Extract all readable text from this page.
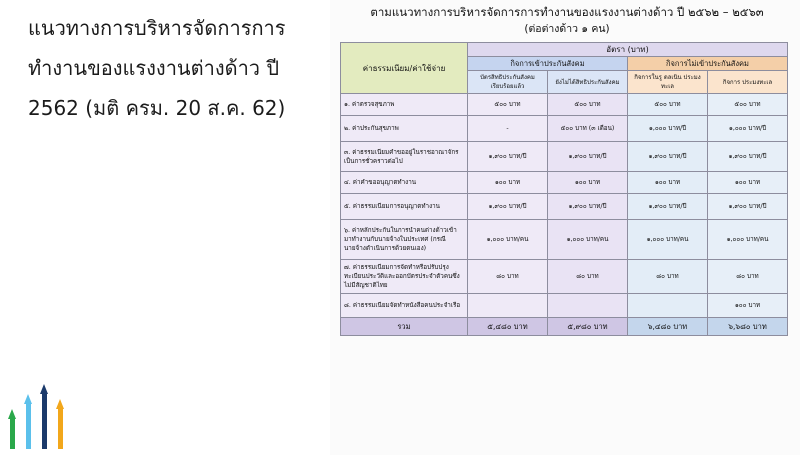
แนวทางการบริหารจัดการการทำงานของแรงงานต่างด้าว ปี 2562 (มติ ครม. 20 ส.ค. 62)
ตามแนวทางการบริหารจัดการการทำงานของแรงงานต่างด้าว ปี ๒๕๖๒ – ๒๕๖๓
(ต่อต่างด้าว ๑ คน)
ค่าธรรมเนียม/ค่าใช้จ่าย	อัตรา (บาท)			
	กิจการเข้าประกันสังคม		กิจการไม่เข้าประกันสังคม	
	บัตรสิทธิประกันสังคมเรียบร้อยแล้ว	ยังไม่ได้สิทธิประกันสังคม	กิจการในรู ดลเนิน ประมงทะเล	กิจการ ประมงทะเล
๑. ค่าตรวจสุขภาพ	๕๐๐ บาท	๕๐๐ บาท	๕๐๐ บาท	๕๐๐ บาท
๒. ค่าประกันสุขภาพ	-	๕๐๐ บาท (๓ เดือน)	๑,๐๐๐ บาท/ปี	๑,๐๐๐ บาท/ปี
๓. ค่าธรรมเนียมคำขออยู่ในราชอาณาจักรเป็นการชั่วคราวต่อไป	๑,๙๐๐ บาท/ปี	๑,๙๐๐ บาท/ปี	๑,๙๐๐ บาท/ปี	๑,๙๐๐ บาท/ปี
๔. ค่าคำขออนุญาตทำงาน	๑๐๐ บาท	๑๐๐ บาท	๑๐๐ บาท	๑๐๐ บาท
๕. ค่าธรรมเนียมการอนุญาตทำงาน	๑,๙๐๐ บาท/ปี	๑,๙๐๐ บาท/ปี	๑,๙๐๐ บาท/ปี	๑,๙๐๐ บาท/ปี
๖. ค่าหลักประกันในการนำคนต่างด้าวเข้ามาทำงานกับนายจ้างในประเทศ (กรณีนายจ้างดำเนินการด้วยตนเอง)	๑,๐๐๐ บาท/คน	๑,๐๐๐ บาท/คน	๑,๐๐๐ บาท/คน	๑,๐๐๐ บาท/คน
๗. ค่าธรรมเนียมการจัดทำหรือปรับปรุงทะเบียนประวัติและออกบัตรประจำตัวคนซึ่งไม่มีสัญชาติไทย	๘๐ บาท	๘๐ บาท	๘๐ บาท	๘๐ บาท
๘. ค่าธรรมเนียมจัดทำหนังสือคนประจำเรือ				๑๐๐ บาท
รวม	๕,๔๘๐ บาท	๕,๙๘๐ บาท	๖,๔๘๐ บาท	๖,๖๘๐ บาท
